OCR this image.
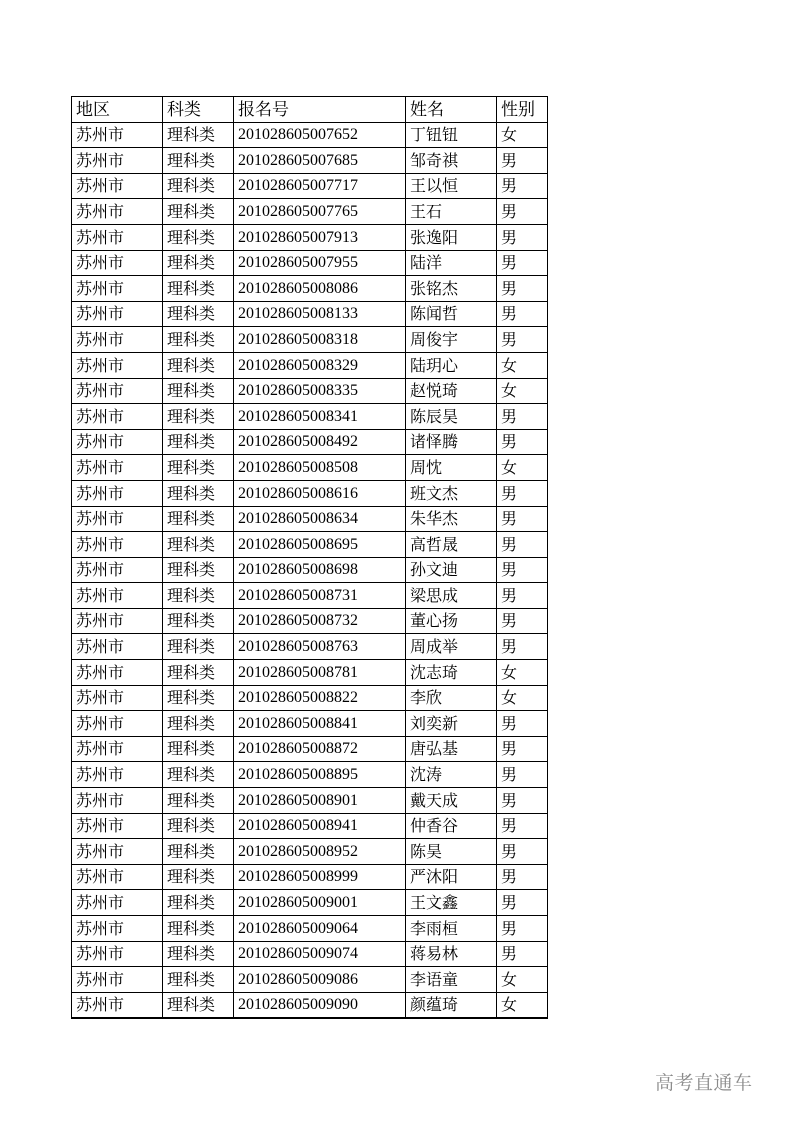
地区	科类	报名号	姓名	性别
苏州市	理科类	201028605007652	丁钮钮	女
苏州市	理科类	201028605007685	邹奇祺	男
苏州市	理科类	201028605007717	王以恒	男
苏州市	理科类	201028605007765	王石	男
苏州市	理科类	201028605007913	张逸阳	男
苏州市	理科类	201028605007955	陆洋	男
苏州市	理科类	201028605008086	张铭杰	男
苏州市	理科类	201028605008133	陈闻哲	男
苏州市	理科类	201028605008318	周俊宇	男
苏州市	理科类	201028605008329	陆玥心	女
苏州市	理科类	201028605008335	赵悦琦	女
苏州市	理科类	201028605008341	陈辰昊	男
苏州市	理科类	201028605008492	诸怿腾	男
苏州市	理科类	201028605008508	周忱	女
苏州市	理科类	201028605008616	班文杰	男
苏州市	理科类	201028605008634	朱华杰	男
苏州市	理科类	201028605008695	高哲晟	男
苏州市	理科类	201028605008698	孙文迪	男
苏州市	理科类	201028605008731	梁思成	男
苏州市	理科类	201028605008732	董心扬	男
苏州市	理科类	201028605008763	周成举	男
苏州市	理科类	201028605008781	沈志琦	女
苏州市	理科类	201028605008822	李欣	女
苏州市	理科类	201028605008841	刘奕新	男
苏州市	理科类	201028605008872	唐弘基	男
苏州市	理科类	201028605008895	沈涛	男
苏州市	理科类	201028605008901	戴天成	男
苏州市	理科类	201028605008941	仲香谷	男
苏州市	理科类	201028605008952	陈昊	男
苏州市	理科类	201028605008999	严沐阳	男
苏州市	理科类	201028605009001	王文鑫	男
苏州市	理科类	201028605009064	李雨桓	男
苏州市	理科类	201028605009074	蒋易林	男
苏州市	理科类	201028605009086	李语童	女
苏州市	理科类	201028605009090	颜蕴琦	女
高考直通车
